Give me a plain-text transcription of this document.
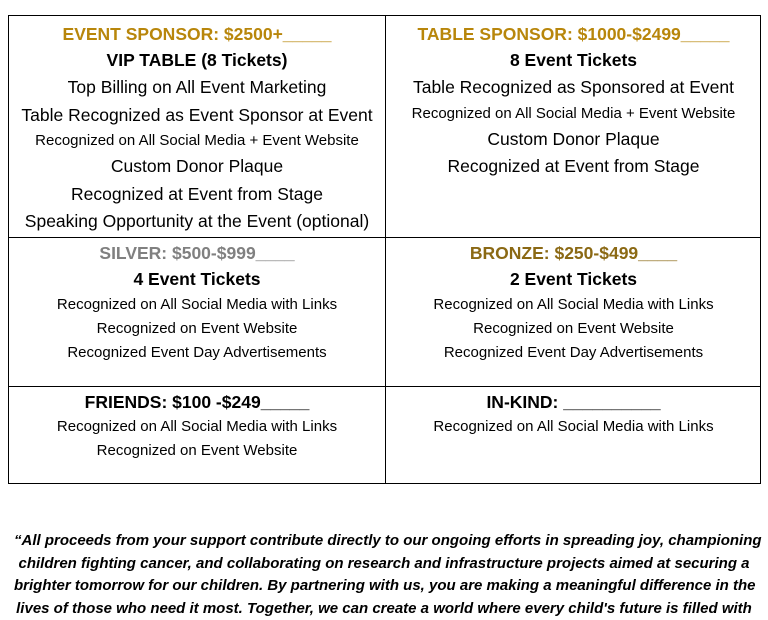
EVENT SPONSOR: $2500+_____
VIP TABLE (8 Tickets)
Top Billing on All Event Marketing
Table Recognized as Event Sponsor at Event
Recognized on All Social Media + Event Website
Custom Donor Plaque
Recognized at Event from Stage
Speaking Opportunity at the Event (optional)
TABLE SPONSOR: $1000-$2499_____
8 Event Tickets
Table Recognized as Sponsored at Event
Recognized on All Social Media + Event Website
Custom Donor Plaque
Recognized at Event from Stage
SILVER: $500-$999____
4 Event Tickets
Recognized on All Social Media with Links
Recognized on Event Website
Recognized Event Day Advertisements
BRONZE: $250-$499____
2 Event Tickets
Recognized on All Social Media with Links
Recognized on Event Website
Recognized Event Day Advertisements
FRIENDS: $100 -$249_____
Recognized on All Social Media with Links
Recognized on Event Website
IN-KIND: __________
Recognized on All Social Media with Links
“All proceeds from your support contribute directly to our ongoing efforts in spreading joy, championing
children fighting cancer, and collaborating on research and infrastructure projects aimed at securing a
brighter tomorrow for our children. By partnering with us, you are making a meaningful difference in the
lives of those who need it most. Together, we can create a world where every child's future is filled with
